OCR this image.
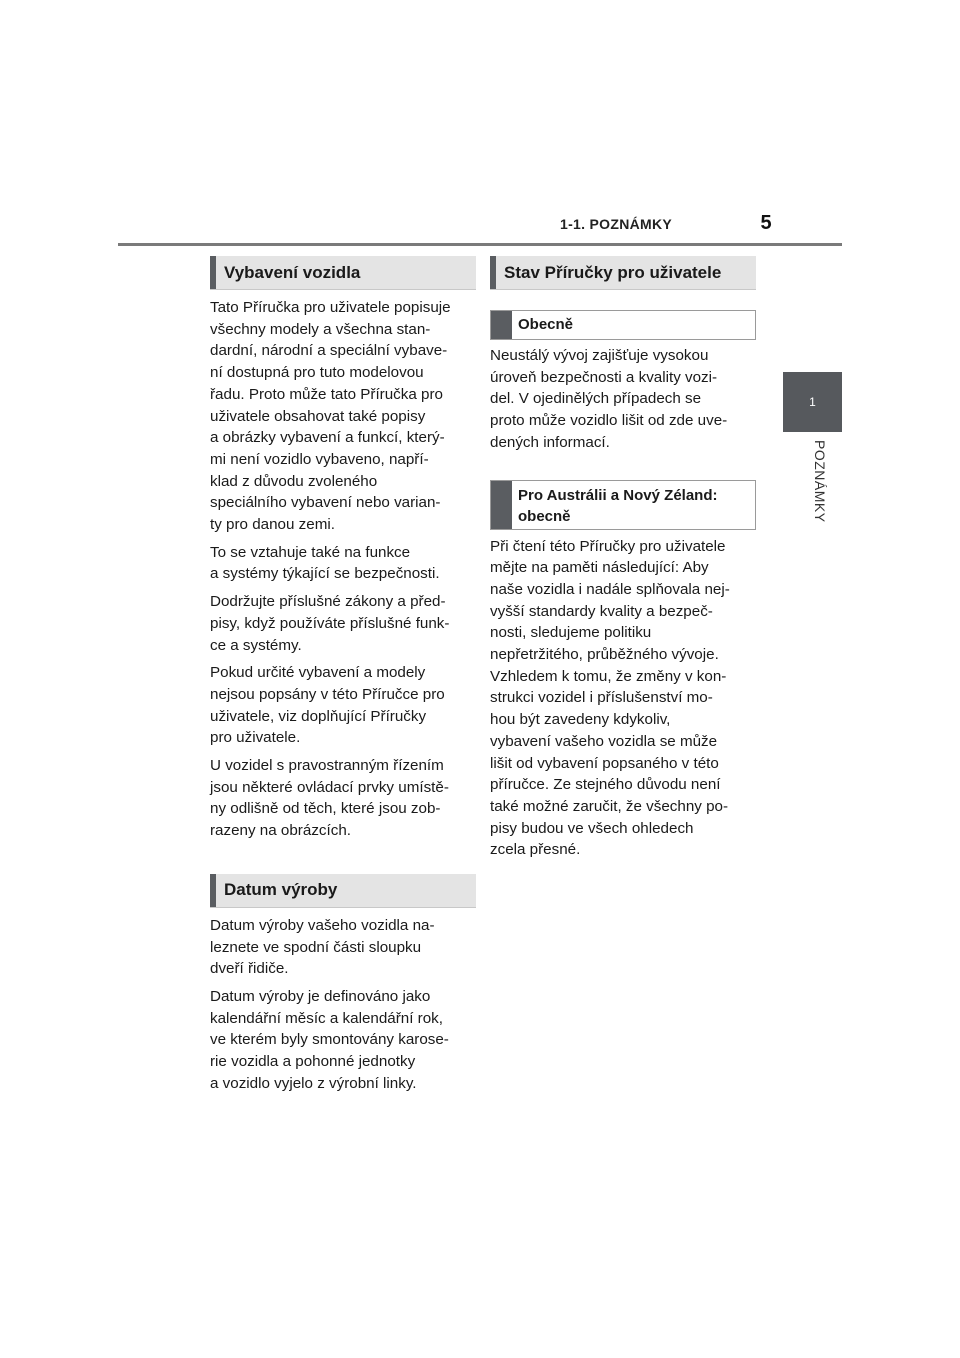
1-1. POZNÁMKY	5
1
POZNÁMKY
Vybavení vozidla

Tato Příručka pro uživatele popisuje
všechny modely a všechna stan-
dardní, národní a speciální vybave-
ní dostupná pro tuto modelovou
řadu. Proto může tato Příručka pro
uživatele obsahovat také popisy
a obrázky vybavení a funkcí, který-
mi není vozidlo vybaveno, napří-
klad z důvodu zvoleného
speciálního vybavení nebo varian-
ty pro danou zemi.

To se vztahuje také na funkce
a systémy týkající se bezpečnosti.

Dodržujte příslušné zákony a před-
pisy, když používáte příslušné funk-
ce a systémy.

Pokud určité vybavení a modely
nejsou popsány v této Příručce pro
uživatele, viz doplňující Příručky
pro uživatele.

U vozidel s pravostranným řízením
jsou některé ovládací prvky umístě-
ny odlišně od těch, které jsou zob-
razeny na obrázcích.

Datum výroby

Datum výroby vašeho vozidla na-
leznete ve spodní části sloupku
dveří řidiče.

Datum výroby je definováno jako
kalendářní měsíc a kalendářní rok,
ve kterém byly smontovány karose-
rie vozidla a pohonné jednotky
a vozidlo vyjelo z výrobní linky.

Stav Příručky pro uživatele
Obecně

Neustálý vývoj zajišťuje vysokou
úroveň bezpečnosti a kvality vozi-
del. V ojedinělých případech se
proto může vozidlo lišit od zde uve-
dených informací.

Pro Austrálii a Nový Zéland:
obecně

Při čtení této Příručky pro uživatele
mějte na paměti následující: Aby
naše vozidla i nadále splňovala nej-
vyšší standardy kvality a bezpeč-
nosti, sledujeme politiku
nepřetržitého, průběžného vývoje.
Vzhledem k tomu, že změny v kon-
strukci vozidel i příslušenství mo-
hou být zavedeny kdykoliv,
vybavení vašeho vozidla se může
lišit od vybavení popsaného v této
příručce. Ze stejného důvodu není
také možné zaručit, že všechny po-
pisy budou ve všech ohledech
zcela přesné.
